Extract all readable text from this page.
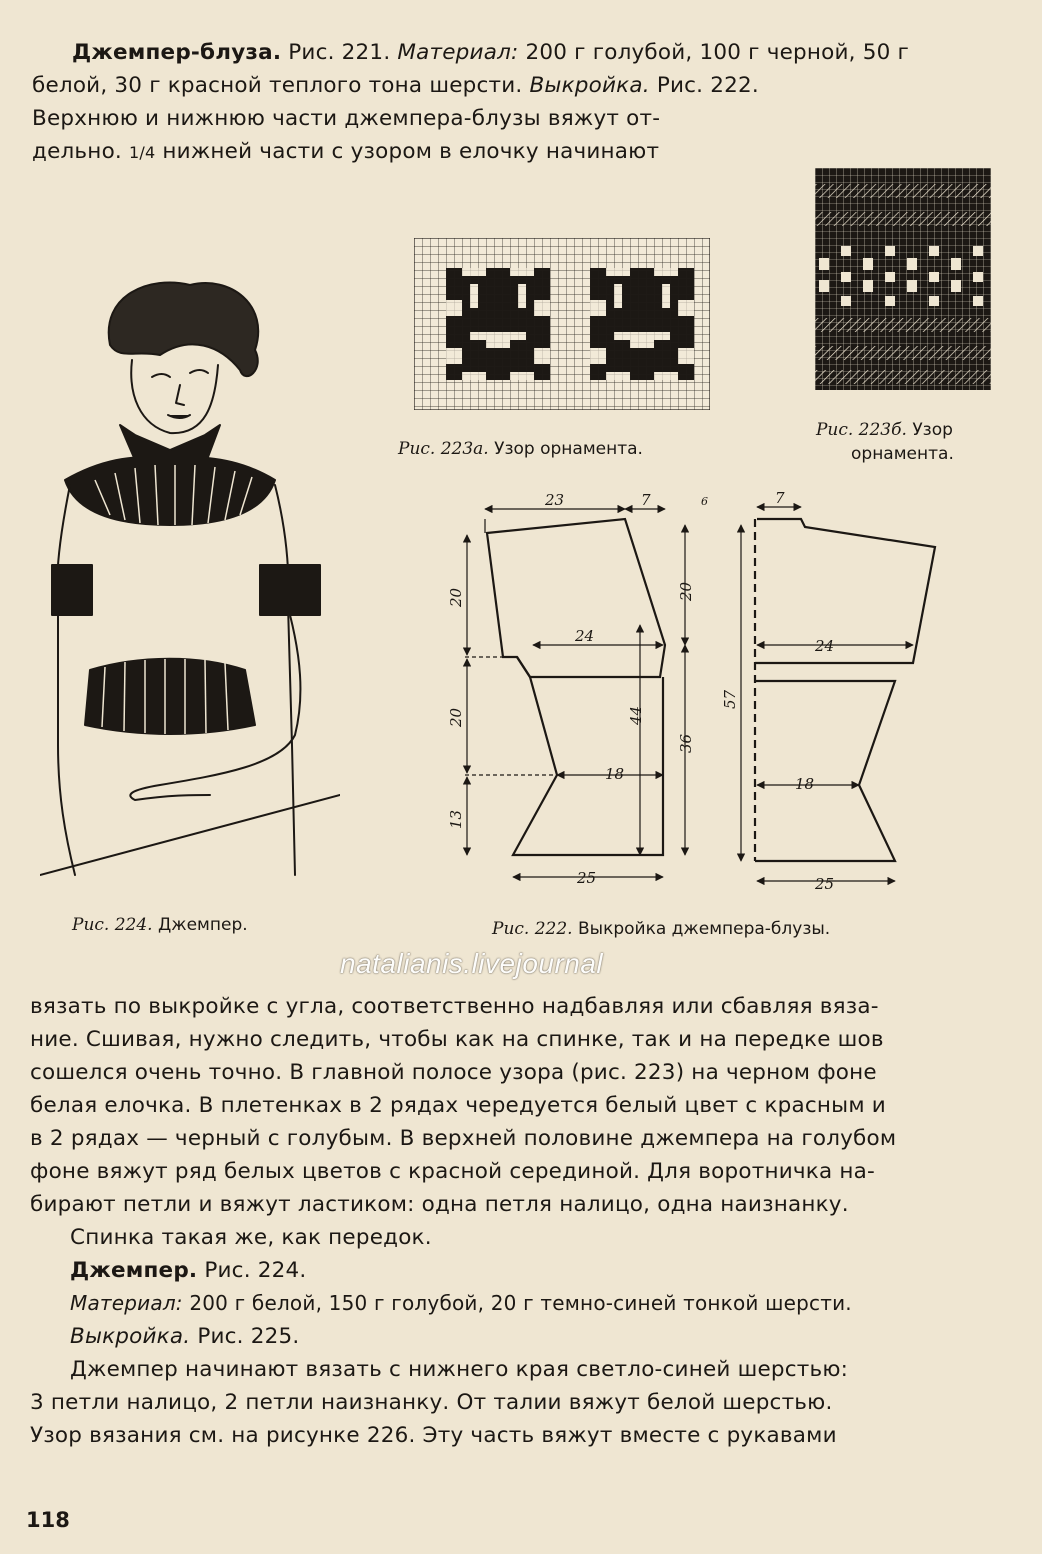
Джемпер-блуза. Рис. 221. Материал: 200 г голубой, 100 г черной, 50 г
белой, 30 г красной теплого тона шерсти. Выкройка. Рис. 222.
Верхнюю и нижнюю части джемпера-блузы вяжут от-
дельно. 1/4 нижней части с узором в елочку начинают
Рис. 223а. Узор орнамента.
Рис. 223б. Узор
орнамента.
Рис. 224. Джемпер.
23	7	6
20	20
24
20	44
36
18
13
25
7
24
57
18
25
Рис. 222. Выкройка джемпера-блузы.
natalianis.livejournal
вязать по выкройке с угла, соответственно надбавляя или сбавляя вяза-
ние. Сшивая, нужно следить, чтобы как на спинке, так и на передке шов
сошелся очень точно. В главной полосе узора (рис. 223) на черном фоне
белая елочка. В плетенках в 2 рядах чередуется белый цвет с красным и
в 2 рядах — черный с голубым. В верхней половине джемпера на голубом
фоне вяжут ряд белых цветов с красной серединой. Для воротничка на-
бирают петли и вяжут ластиком: одна петля налицо, одна наизнанку.
Спинка такая же, как передок.
Джемпер. Рис. 224.
Материал: 200 г белой, 150 г голубой, 20 г темно-синей тонкой шерсти.
Выкройка. Рис. 225.
Джемпер начинают вязать с нижнего края светло-синей шерстью:
3 петли налицо, 2 петли наизнанку. От талии вяжут белой шерстью.
Узор вязания см. на рисунке 226. Эту часть вяжут вместе с рукавами
118
